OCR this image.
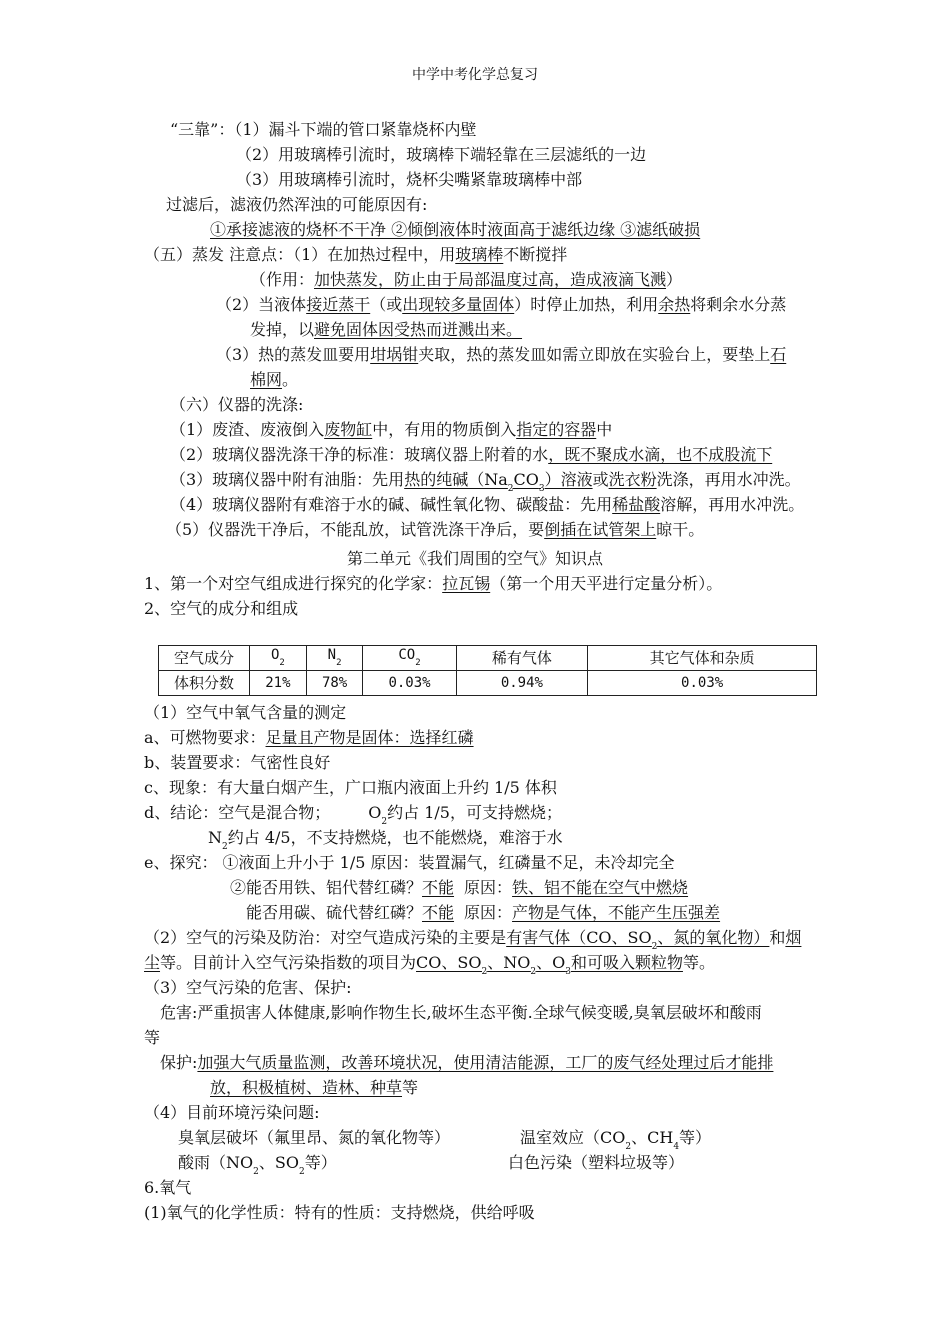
中学中考化学总复习
“三靠”：（1）漏斗下端的管口紧靠烧杯内壁
（2）用玻璃棒引流时，玻璃棒下端轻靠在三层滤纸的一边
（3）用玻璃棒引流时，烧杯尖嘴紧靠玻璃棒中部
过滤后，滤液仍然浑浊的可能原因有:
①承接滤液的烧杯不干净 ②倾倒液体时液面高于滤纸边缘 ③滤纸破损
（五）蒸发 注意点：（1）在加热过程中，用玻璃棒不断搅拌
（作用：加快蒸发，防止由于局部温度过高，造成液滴飞溅）
（2）当液体接近蒸干（或出现较多量固体）时停止加热，利用余热将剩余水分蒸
发掉，以避免固体因受热而迸溅出来。
（3）热的蒸发皿要用坩埚钳夹取，热的蒸发皿如需立即放在实验台上，要垫上石
棉网。
（六）仪器的洗涤:
（1）废渣、废液倒入废物缸中，有用的物质倒入指定的容器中
（2）玻璃仪器洗涤干净的标准：玻璃仪器上附着的水，既不聚成水滴，也不成股流下
（3）玻璃仪器中附有油脂：先用热的纯碱$(Na_2CO_3)$溶液或洗衣粉洗涤，再用水冲洗。
（4）玻璃仪器附有难溶于水的碱、碱性氧化物、碳酸盐：先用稀盐酸溶解，再用水冲洗。
（5）仪器洗干净后，不能乱放，试管洗涤干净后，要倒插在试管架上晾干。
第二单元《我们周围的空气》知识点
1、第一个对空气组成进行探究的化学家：拉瓦锡（第一个用天平进行定量分析）。
2、空气的成分和组成
空气成分	$O_2$	$N_2$	$CO_2$	稀有气体	其它气体和杂质
体积分数	21%	78%	0.03%	0.94%	0.03%
（1）空气中氧气含量的测定
a、可燃物要求：足量且产物是固体：选择红磷
b、装置要求：气密性良好
c、现象：有大量白烟产生，广口瓶内液面上升约 1/5 体积
d、结论：空气是混合物； $O_2$约占 1/5，可支持燃烧；
$N_2$约占 4/5，不支持燃烧，也不能燃烧，难溶于水
e、探究： ①液面上升小于 1/5 原因：装置漏气，红磷量不足，未冷却完全
②能否用铁、铝代替红磷？不能 原因：铁、铝不能在空气中燃烧
能否用碳、硫代替红磷？不能 原因：产物是气体，不能产生压强差
（2）空气的污染及防治：对空气造成污染的主要是有害气体（CO、$SO_2$、氮的氧化物）和烟
尘等。目前计入空气污染指数的项目为CO、$SO_2$、$NO_2$、$O_3$和可吸入颗粒物等。
（3）空气污染的危害、保护:
危害:严重损害人体健康,影响作物生长,破坏生态平衡.全球气候变暖,臭氧层破坏和酸雨
等
保护:加强大气质量监测，改善环境状况，使用清洁能源，工厂的废气经处理过后才能排
放，积极植树、造林、种草等
（4）目前环境污染问题:
臭氧层破坏（氟里昂、氮的氧化物等）	温室效应（$CO_2$、$CH_4$等）
酸雨（$NO_2$、$SO_2$等）	白色污染（塑料垃圾等）
6.氧气
(1)氧气的化学性质：特有的性质：支持燃烧，供给呼吸
